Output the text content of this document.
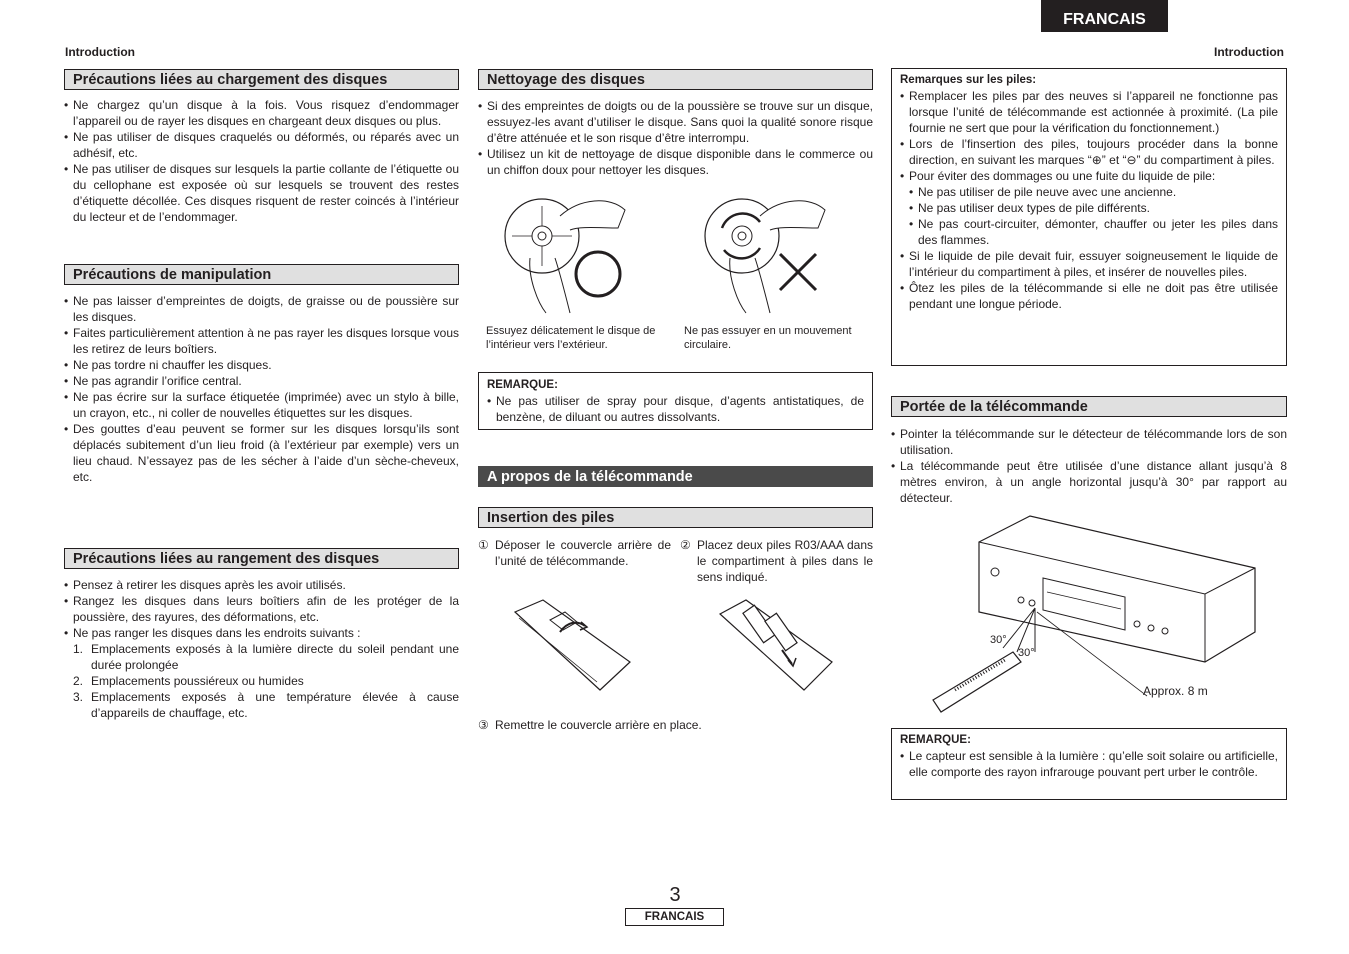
FRANCAIS
Introduction	Introduction
Précautions liées au chargement des disques
• Ne chargez qu’un disque à la fois. Vous risquez d’endommager l’appareil ou de rayer les disques en chargeant deux disques ou plus.
• Ne pas utiliser de disques craquelés ou déformés, ou réparés avec un adhésif, etc.
• Ne pas utiliser de disques sur lesquels la partie collante de l’étiquette ou du cellophane est exposée où sur lesquels se trouvent des restes d’étiquette décollée. Ces disques risquent de rester coincés à l’intérieur du lecteur et de l’endommager.
Précautions de manipulation
• Ne pas laisser d’empreintes de doigts, de graisse ou de poussière sur les disques.
• Faites particulièrement attention à ne pas rayer les disques lorsque vous les retirez de leurs boîtiers.
• Ne pas tordre ni chauffer les disques.
• Ne pas agrandir l’orifice central.
• Ne pas écrire sur la surface étiquetée (imprimée) avec un stylo à bille, un crayon, etc., ni coller de nouvelles étiquettes sur les disques.
• Des gouttes d’eau peuvent se former sur les disques lorsqu’ils sont déplacés subitement d’un lieu froid (à l’extérieur par exemple) vers un lieu chaud. N’essayez pas de les sécher à l’aide d’un sèche-cheveux, etc.
Précautions liées au rangement des disques
• Pensez à retirer les disques après les avoir utilisés.
• Rangez les disques dans leurs boîtiers afin de les protéger de la poussière, des rayures, des déformations, etc.
• Ne pas ranger les disques dans les endroits suivants :
1. Emplacements exposés à la lumière directe du soleil pendant une durée prolongée
2. Emplacements poussiéreux ou humides
3. Emplacements exposés à une température élevée à cause d’appareils de chauffage, etc.
Nettoyage des disques
• Si des empreintes de doigts ou de la poussière se trouve sur un disque, essuyez-les avant d’utiliser le disque. Sans quoi la qualité sonore risque d’être atténuée et le son risque d’être interrompu.
• Utilisez un kit de nettoyage de disque disponible dans le commerce ou un chiffon doux pour nettoyer les disques.
Essuyez délicatement le disque de l’intérieur vers l’extérieur.
Ne pas essuyer en un mouvement circulaire.
REMARQUE:
• Ne pas utiliser de spray pour disque, d’agents antistatiques, de benzène, de diluant ou autres dissolvants.
A propos de la télécommande
Insertion des piles
① Déposer le couvercle arrière de l’unité de télécommande.
② Placez deux piles R03/AAA dans le compartiment à piles dans le sens indiqué.
③ Remettre le couvercle arrière en place.
Remarques sur les piles:
• Remplacer les piles par des neuves si l’appareil ne fonctionne pas lorsque l’unité de télécommande est actionnée à proximité. (La pile fournie ne sert que pour la vérification du fonctionnement.)
• Lors de l’finsertion des piles, toujours procéder dans la bonne direction, en suivant les marques “⊕” et “⊖” du compartiment à piles.
• Pour éviter des dommages ou une fuite du liquide de pile:
• Ne pas utiliser de pile neuve avec une ancienne.
• Ne pas utiliser deux types de pile différents.
• Ne pas court-circuiter, démonter, chauffer ou jeter les piles dans des flammes.
• Si le liquide de pile devait fuir, essuyer soigneusement le liquide de l’intérieur du compartiment à piles, et insérer de nouvelles piles.
• Ôtez les piles de la télécommande si elle ne doit pas être utilisée pendant une longue période.
Portée de la télécommande
• Pointer la télécommande sur le détecteur de télécommande lors de son utilisation.
• La télécommande peut être utilisée d’une distance allant jusqu’à 8 mètres environ, à un angle horizontal jusqu’à 30° par rapport au détecteur.
30°
30°
Approx. 8 m
REMARQUE:
• Le capteur est sensible à la lumière : qu’elle soit solaire ou artificielle, elle comporte des rayon infrarouge pouvant pert urber le contrôle.
3
FRANCAIS
